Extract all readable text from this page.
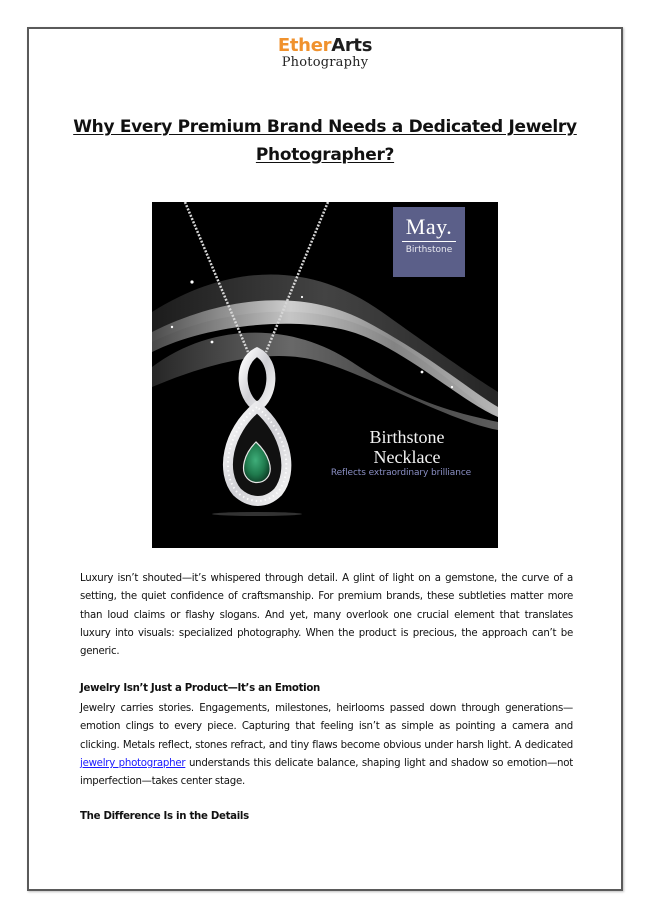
EtherArts
Photography
Why Every Premium Brand Needs a Dedicated Jewelry Photographer?
May.
Birthstone
Birthstone
Necklace
Reflects extraordinary brilliance
Luxury isn’t shouted—it’s whispered through detail. A glint of light on a gemstone, the curve of a setting, the quiet confidence of craftsmanship. For premium brands, these subtleties matter more than loud claims or flashy slogans. And yet, many overlook one crucial element that translates luxury into visuals: specialized photography. When the product is precious, the approach can’t be generic.
Jewelry Isn’t Just a Product—It’s an Emotion
Jewelry carries stories. Engagements, milestones, heirlooms passed down through generations—emotion clings to every piece. Capturing that feeling isn’t as simple as pointing a camera and clicking. Metals reflect, stones refract, and tiny flaws become obvious under harsh light. A dedicated jewelry photographer understands this delicate balance, shaping light and shadow so emotion—not imperfection—takes center stage.
The Difference Is in the Details
